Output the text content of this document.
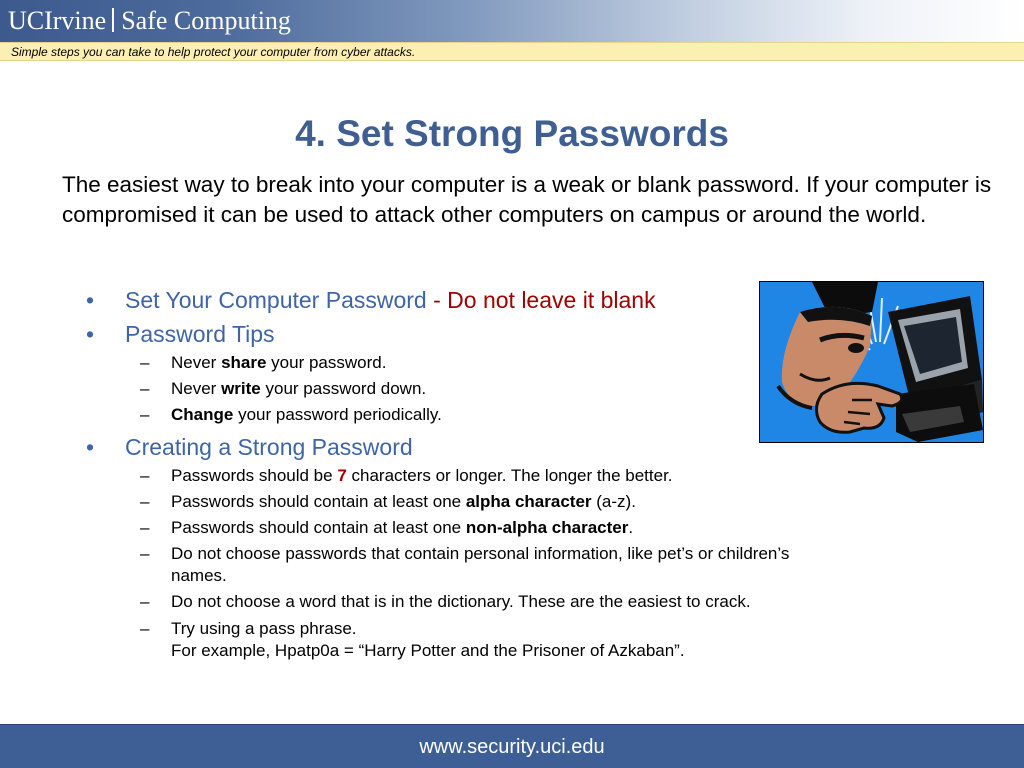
UCIrvine Safe Computing
Simple steps you can take to help protect your computer from cyber attacks.
4. Set Strong Passwords
The easiest way to break into your computer is a weak or blank password. If your computer is compromised it can be used to attack other computers on campus or around the world.
• Set Your Computer Password - Do not leave it blank
• Password Tips
– Never share your password.
– Never write your password down.
– Change your password periodically.
• Creating a Strong Password
– Passwords should be 7 characters or longer. The longer the better.
– Passwords should contain at least one alpha character (a-z).
– Passwords should contain at least one non-alpha character.
– Do not choose passwords that contain personal information, like pet’s or children’s
names.
– Do not choose a word that is in the dictionary. These are the easiest to crack.
– Try using a pass phrase.
For example, Hpatp0a = “Harry Potter and the Prisoner of Azkaban”.
www.security.uci.edu
